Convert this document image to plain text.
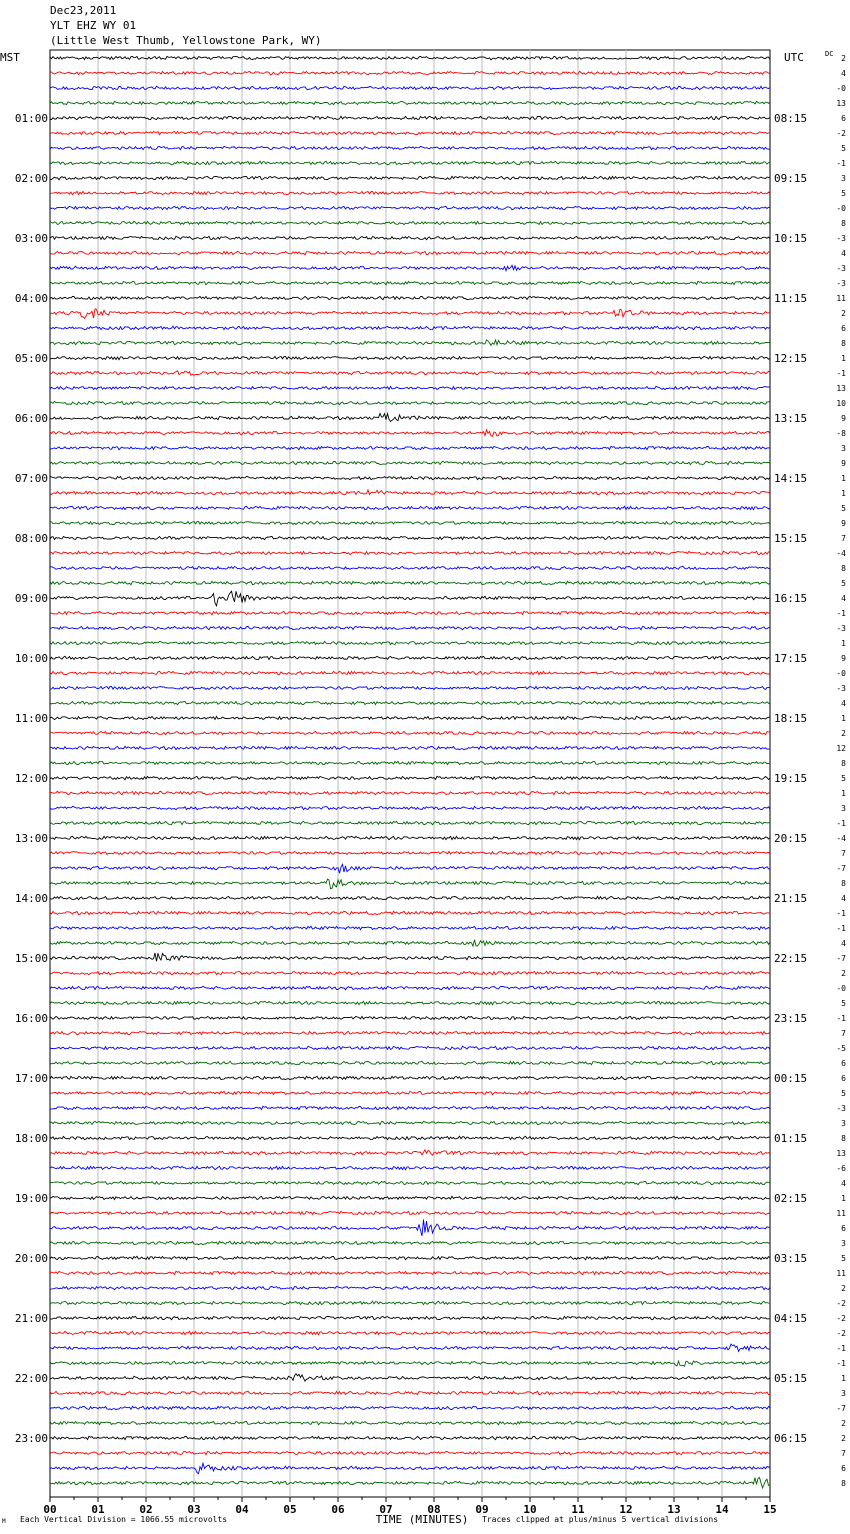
Dec23,2011
YLT EHZ WY 01
(Little West Thumb, Yellowstone Park, WY)
MST	UTC	DC
01:00
02:00
03:00
04:00
05:00
06:00
07:00
08:00
09:00
10:00
11:00
12:00
13:00
14:00
15:00
16:00
17:00
18:00
19:00
20:00
21:00
22:00
23:00
08:15
09:15
10:15
11:15
12:15
13:15
14:15
15:15
16:15
17:15
18:15
19:15
20:15
21:15
22:15
23:15
00:15
01:15
02:15
03:15
04:15
05:15
06:15
2
4
-0
13
6
-2
5
-1
3
5
-0
8
-3
4
-3
-3
11
2
6
8
1
-1
13
10
9
-8
3
9
1
1
5
9
7
-4
8
5
4
-1
-3
1
9
-0
-3
4
1
2
12
8
5
1
3
-1
-4
7
-7
8
4
-1
-1
4
-7
2
-0
5
-1
7
-5
6
6
5
-3
3
8
13
-6
4
1
11
6
3
5
11
2
-2
-2
-2
-1
-1
1
3
-7
2
2
7
6
8
00	01	02	03	04	05	06	07	08	09	10	11	12	13	14	15
TIME (MINUTES)
Each Vertical Division = 1066.55 microvolts	Traces clipped at plus/minus 5 vertical divisions
M
